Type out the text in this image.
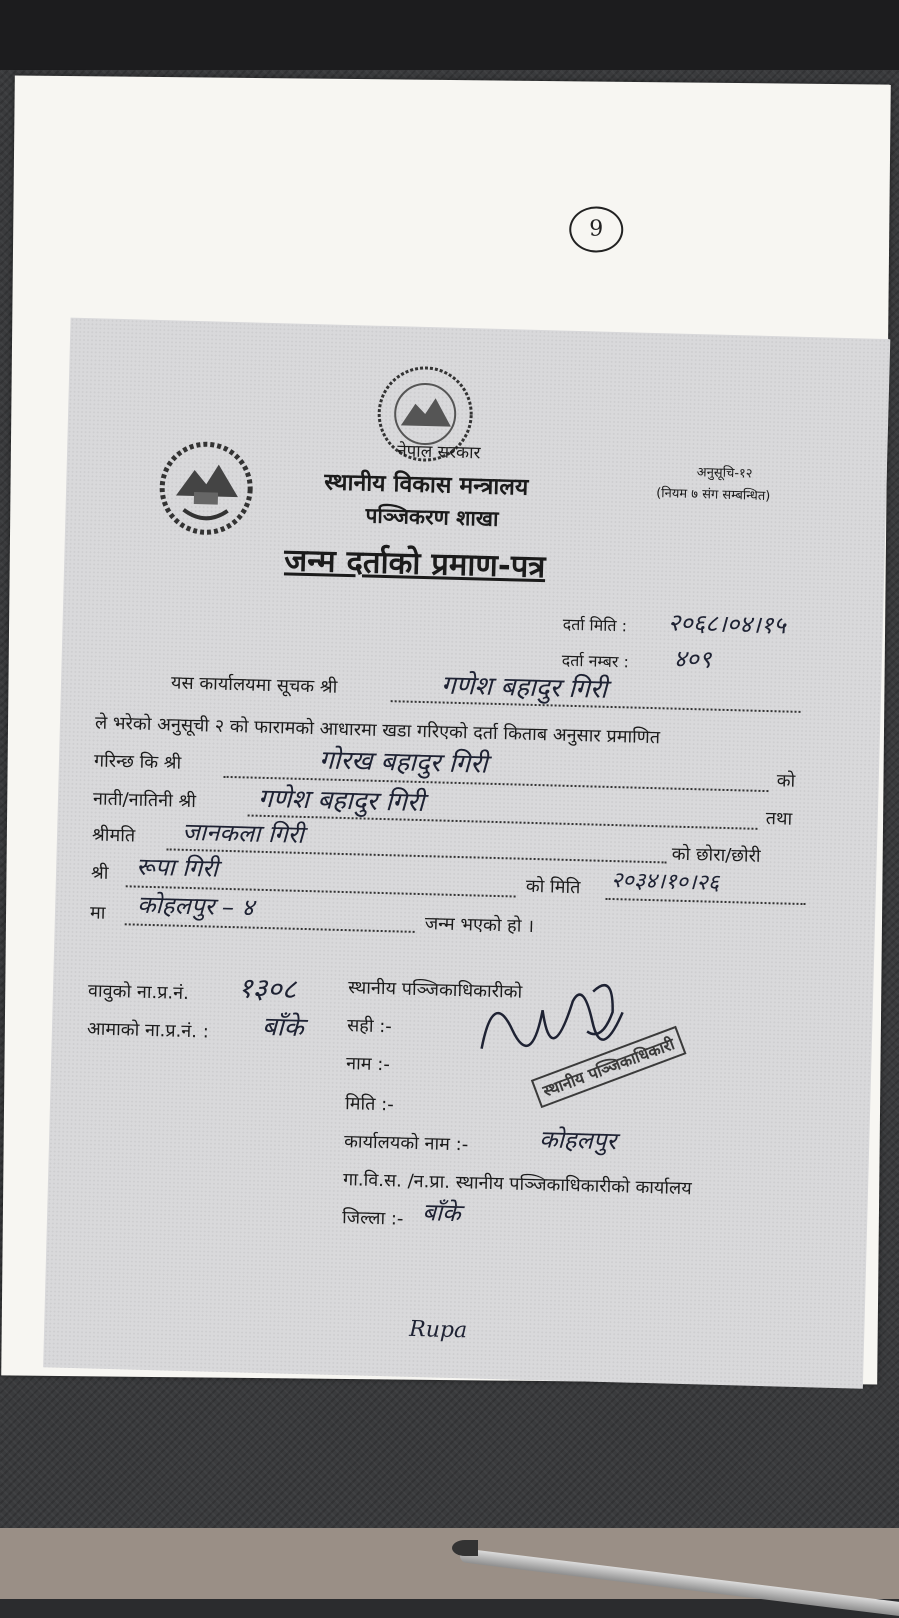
9
नेपाल सरकार
स्थानीय विकास मन्त्रालय
पञ्जिकरण शाखा
अनुसूचि-१२
(नियम ७ संग सम्बन्धित)
जन्म दर्ताको प्रमाण-पत्र
दर्ता मिति : २०६८।०४।१५
दर्ता नम्बर : ४०९
यस कार्यालयमा सूचक श्री	गणेश बहादुर गिरी
ले भरेको अनुसूची २ को फारामको आधारमा खडा गरिएको दर्ता किताब अनुसार प्रमाणित
गरिन्छ कि श्री	गोरख बहादुर गिरी
को
नाती/नातिनी श्री गणेश बहादुर गिरी
तथा
श्रीमति जानकला गिरी
को छोरा/छोरी
श्री रूपा गिरी
को मिति २०३४।१०।२६
मा कोहलपुर – ४
जन्म भएको हो ।
वावुको ना.प्र.नं. १३०८
आमाको ना.प्र.नं. : बाँके
स्थानीय पञ्जिकाधिकारीको
सही :-
नाम :-
मिति :-
कार्यालयको नाम :-	कोहलपुर
गा.वि.स. /न.प्रा. स्थानीय पञ्जिकाधिकारीको कार्यालय
जिल्ला :- बाँके
स्थानीय पञ्जिकाधिकारी
Rupa
